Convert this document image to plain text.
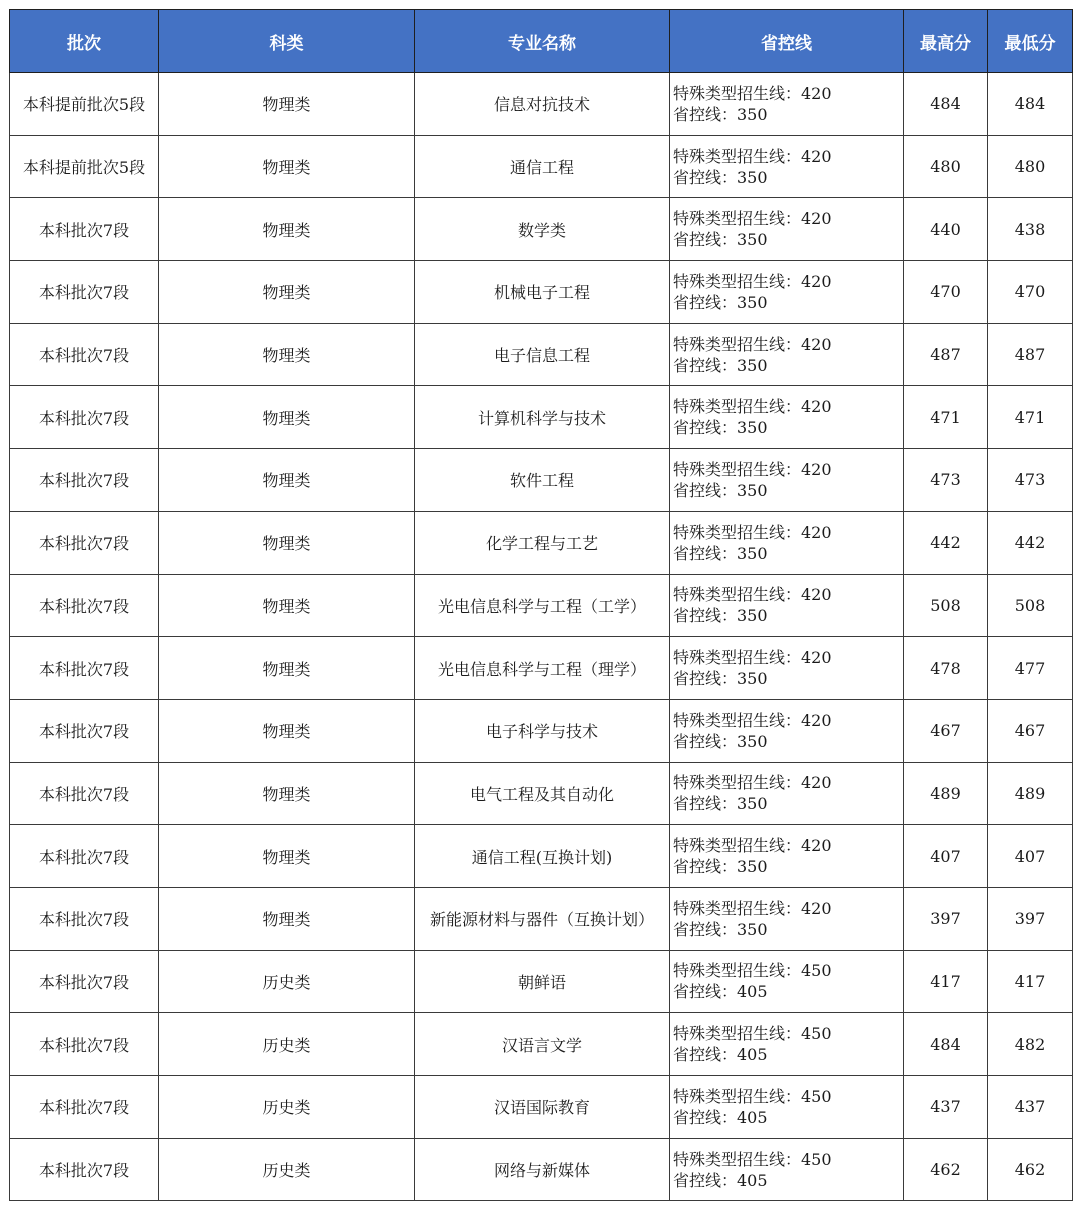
批次	科类	专业名称	省控线	最高分	最低分
本科提前批次5段	物理类	信息对抗技术	特殊类型招生线：420
省控线：350	484	484
本科提前批次5段	物理类	通信工程	特殊类型招生线：420
省控线：350	480	480
本科批次7段	物理类	数学类	特殊类型招生线：420
省控线：350	440	438
本科批次7段	物理类	机械电子工程	特殊类型招生线：420
省控线：350	470	470
本科批次7段	物理类	电子信息工程	特殊类型招生线：420
省控线：350	487	487
本科批次7段	物理类	计算机科学与技术	特殊类型招生线：420
省控线：350	471	471
本科批次7段	物理类	软件工程	特殊类型招生线：420
省控线：350	473	473
本科批次7段	物理类	化学工程与工艺	特殊类型招生线：420
省控线：350	442	442
本科批次7段	物理类	光电信息科学与工程（工学）	特殊类型招生线：420
省控线：350	508	508
本科批次7段	物理类	光电信息科学与工程（理学）	特殊类型招生线：420
省控线：350	478	477
本科批次7段	物理类	电子科学与技术	特殊类型招生线：420
省控线：350	467	467
本科批次7段	物理类	电气工程及其自动化	特殊类型招生线：420
省控线：350	489	489
本科批次7段	物理类	通信工程(互换计划)	特殊类型招生线：420
省控线：350	407	407
本科批次7段	物理类	新能源材料与器件（互换计划）	特殊类型招生线：420
省控线：350	397	397
本科批次7段	历史类	朝鲜语	特殊类型招生线：450
省控线：405	417	417
本科批次7段	历史类	汉语言文学	特殊类型招生线：450
省控线：405	484	482
本科批次7段	历史类	汉语国际教育	特殊类型招生线：450
省控线：405	437	437
本科批次7段	历史类	网络与新媒体	特殊类型招生线：450
省控线：405	462	462
